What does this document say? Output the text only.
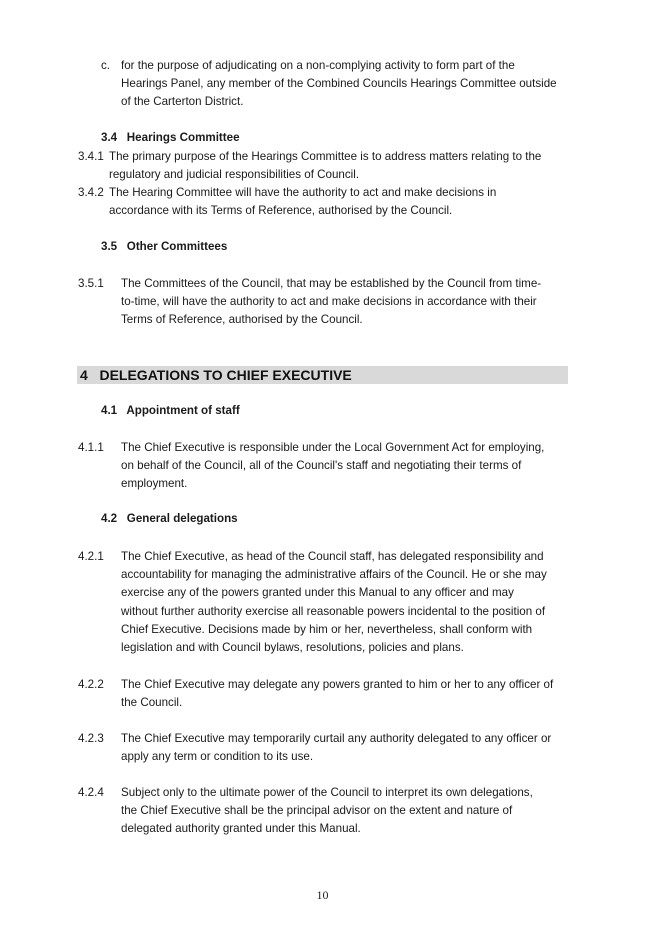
c. for the purpose of adjudicating on a non-complying activity to form part of the
Hearings Panel, any member of the Combined Councils Hearings Committee outside
of the Carterton District.
3.4 Hearings Committee
3.4.1 The primary purpose of the Hearings Committee is to address matters relating to the
regulatory and judicial responsibilities of Council.
3.4.2 The Hearing Committee will have the authority to act and make decisions in
accordance with its Terms of Reference, authorised by the Council.
3.5 Other Committees
3.5.1 The Committees of the Council, that may be established by the Council from time-
to-time, will have the authority to act and make decisions in accordance with their
Terms of Reference, authorised by the Council.
4 DELEGATIONS TO CHIEF EXECUTIVE
4.1 Appointment of staff
4.1.1 The Chief Executive is responsible under the Local Government Act for employing,
on behalf of the Council, all of the Council's staff and negotiating their terms of
employment.
4.2 General delegations
4.2.1 The Chief Executive, as head of the Council staff, has delegated responsibility and
accountability for managing the administrative affairs of the Council. He or she may
exercise any of the powers granted under this Manual to any officer and may
without further authority exercise all reasonable powers incidental to the position of
Chief Executive. Decisions made by him or her, nevertheless, shall conform with
legislation and with Council bylaws, resolutions, policies and plans.
4.2.2 The Chief Executive may delegate any powers granted to him or her to any officer of
the Council.
4.2.3 The Chief Executive may temporarily curtail any authority delegated to any officer or
apply any term or condition to its use.
4.2.4 Subject only to the ultimate power of the Council to interpret its own delegations,
the Chief Executive shall be the principal advisor on the extent and nature of
delegated authority granted under this Manual.
10
